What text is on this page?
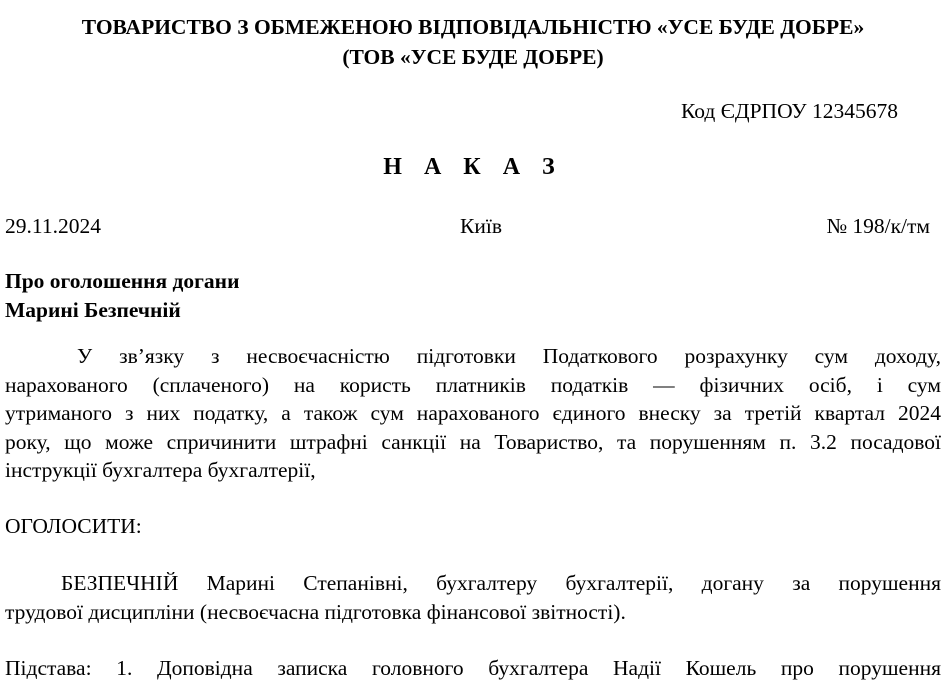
ТОВАРИСТВО З ОБМЕЖЕНОЮ ВІДПОВІДАЛЬНІСТЮ «УСЕ БУДЕ ДОБРЕ»
(ТОВ «УСЕ БУДЕ ДОБРЕ)
Код ЄДРПОУ 12345678
Н А К А З
29.11.2024	Київ	№ 198/к/тм
Про оголошення догани
Марині Безпечній
У зв’язку з несвоєчасністю підготовки Податкового розрахунку сум доходу,
нарахованого (сплаченого) на користь платників податків — фізичних осіб, і сум
утриманого з них податку, а також сум нарахованого єдиного внеску за третій квартал 2024
року, що може спричинити штрафні санкції на Товариство, та порушенням п. 3.2 посадової
інструкції бухгалтера бухгалтерії,
ОГОЛОСИТИ:
БЕЗПЕЧНІЙ Марині Степанівні, бухгалтеру бухгалтерії, догану за порушення
трудової дисципліни (несвоєчасна підготовка фінансової звітності).
Підстава: 1. Доповідна записка головного бухгалтера Надії Кошель про порушення
